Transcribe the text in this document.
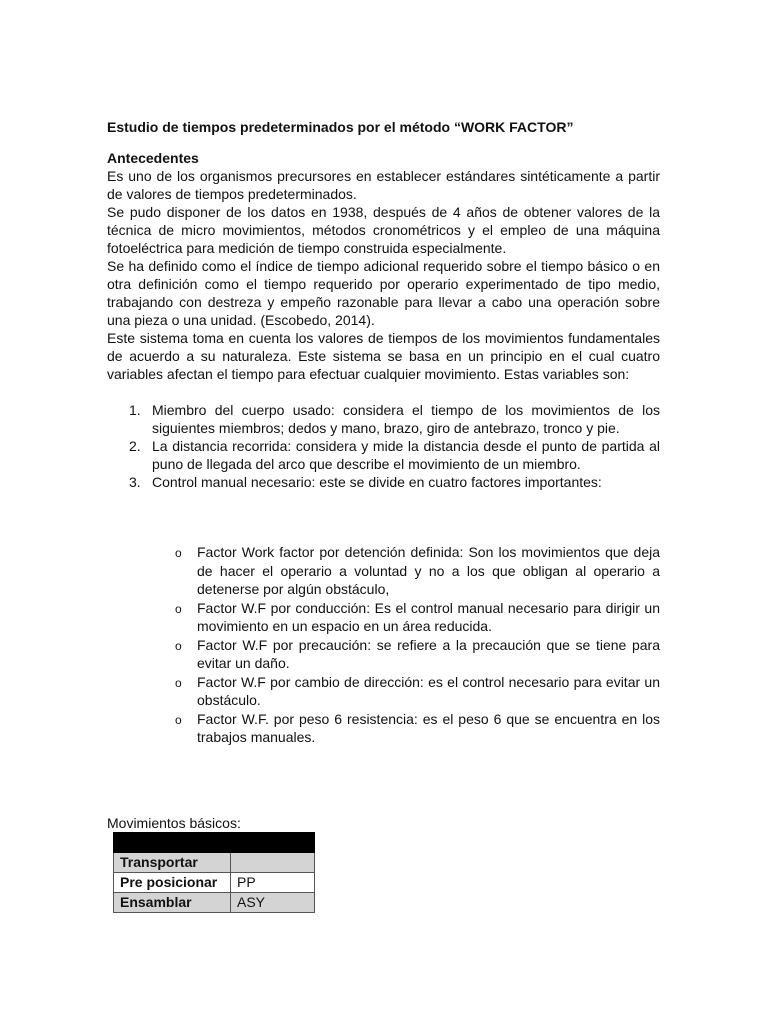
Estudio de tiempos predeterminados por el método “WORK FACTOR”

Antecedentes

Es uno de los organismos precursores en establecer estándares sintéticamente a partir de valores de tiempos predeterminados.

Se pudo disponer de los datos en 1938, después de 4 años de obtener valores de la técnica de micro movimientos, métodos cronométricos y el empleo de una máquina fotoeléctrica para medición de tiempo construida especialmente.

Se ha definido como el índice de tiempo adicional requerido sobre el tiempo básico o en otra definición como el tiempo requerido por operario experimentado de tipo medio, trabajando con destreza y empeño razonable para llevar a cabo una operación sobre una pieza o una unidad. (Escobedo, 2014).

Este sistema toma en cuenta los valores de tiempos de los movimientos fundamentales de acuerdo a su naturaleza. Este sistema se basa en un principio en el cual cuatro variables afectan el tiempo para efectuar cualquier movimiento. Estas variables son:

1. Miembro del cuerpo usado: considera el tiempo de los movimientos de los siguientes miembros; dedos y mano, brazo, giro de antebrazo, tronco y pie.
2. La distancia recorrida: considera y mide la distancia desde el punto de partida al puno de llegada del arco que describe el movimiento de un miembro.
3. Control manual necesario: este se divide en cuatro factores importantes:
o Factor Work factor por detención definida: Son los movimientos que deja de hacer el operario a voluntad y no a los que obligan al operario a detenerse por algún obstáculo,
o Factor W.F por conducción: Es el control manual necesario para dirigir un movimiento en un espacio en un área reducida.
o Factor W.F por precaución: se refiere a la precaución que se tiene para evitar un daño.
o Factor W.F por cambio de dirección: es el control necesario para evitar un obstáculo.
o Factor W.F. por peso 6 resistencia: es el peso 6 que se encuentra en los trabajos manuales.
Movimientos básicos:

Transportar	
Pre posicionar	PP
Ensamblar	ASY
